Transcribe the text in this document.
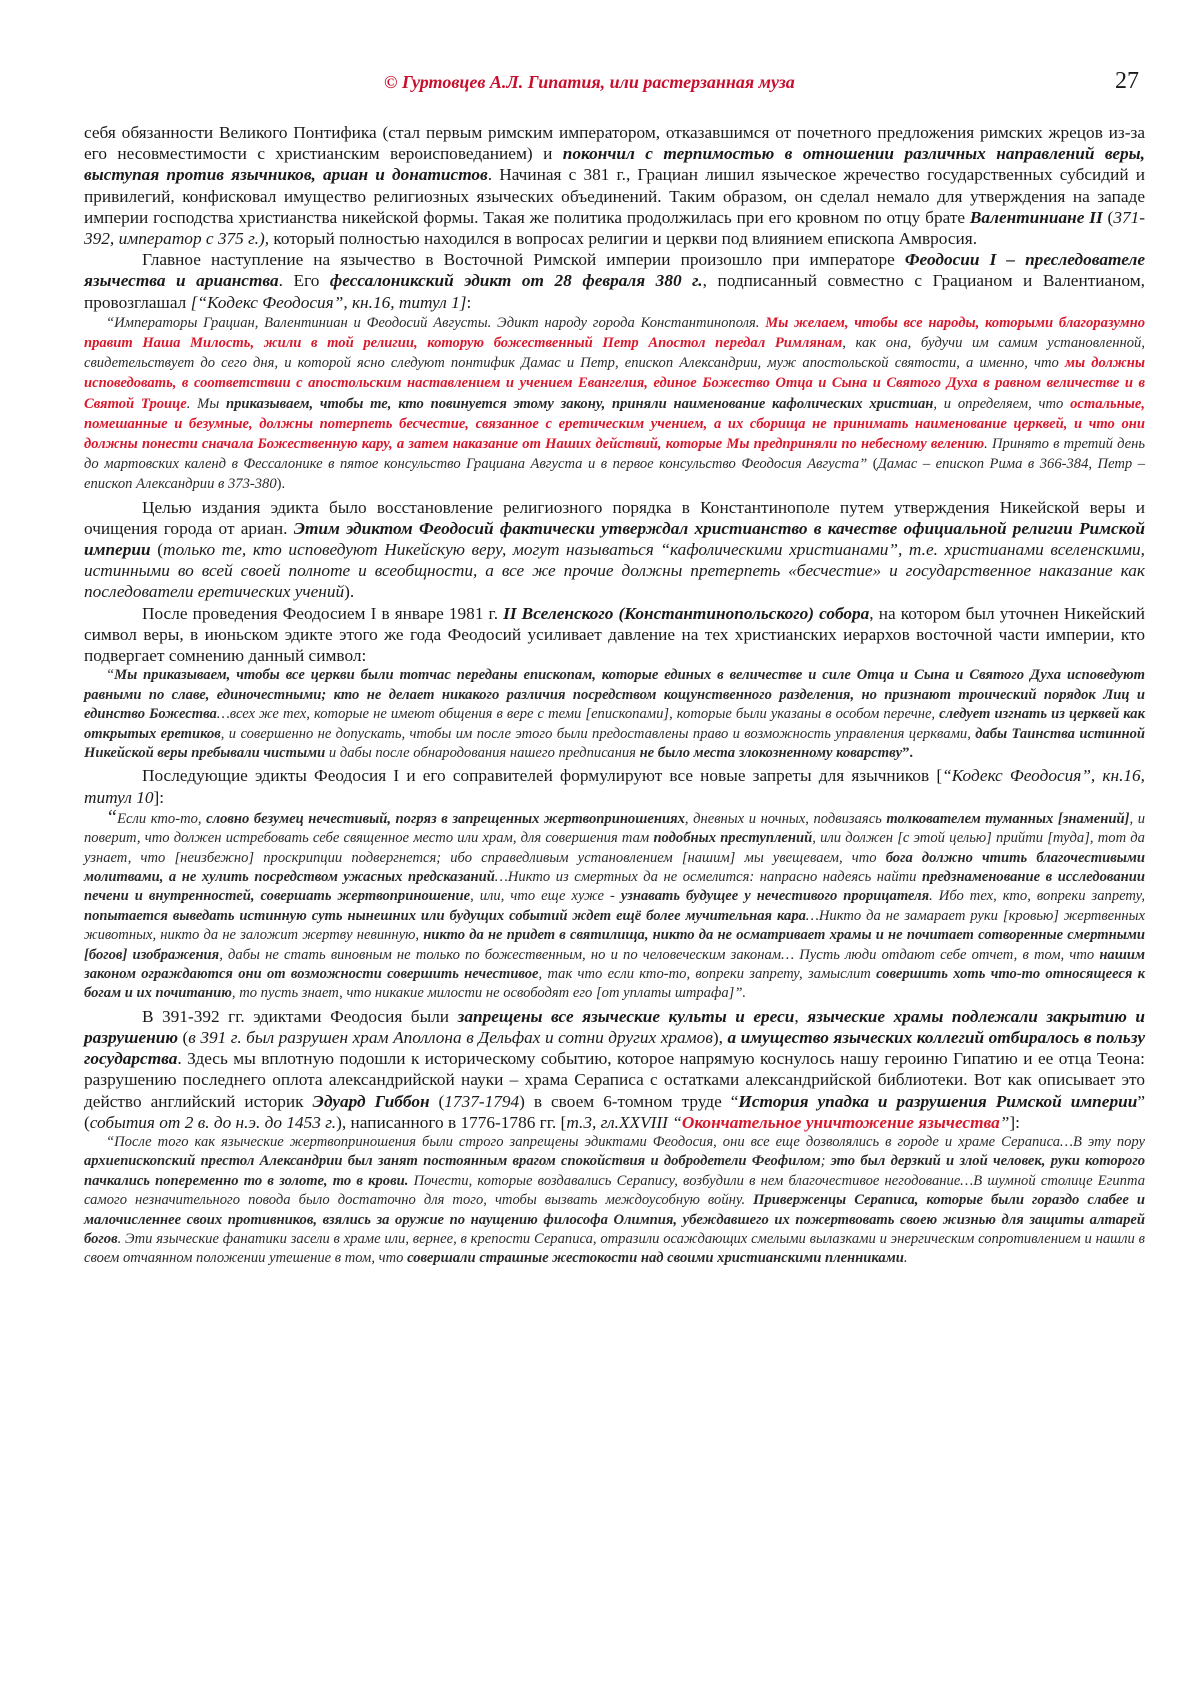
© Гуртовцев А.Л. Гипатия, или растерзанная муза	27

себя обязанности Великого Понтифика (стал первым римским императором, отказавшимся от почетного предложения римских жрецов из-за его несовместимости с христианским вероисповеданием) и покончил с терпимостью в отношении различных направлений веры, выступая против язычников, ариан и донатистов. Начиная с 381 г., Грациан лишил языческое жречество государственных субсидий и привилегий, конфисковал имущество религиозных языческих объединений. Таким образом, он сделал немало для утверждения на западе империи господства христианства никейской формы. Такая же политика продолжилась при его кровном по отцу брате Валентиниане II (371-392, император с 375 г.), который полностью находился в вопросах религии и церкви под влиянием епископа Амвросия.

Главное наступление на язычество в Восточной Римской империи произошло при императоре Феодосии I – преследователе язычества и арианства. Его фессалоникский эдикт от 28 февраля 380 г., подписанный совместно с Грацианом и Валентианом, провозглашал [“Кодекс Феодосия”, кн.16, титул 1]:

“Императоры Грациан, Валентиниан и Феодосий Августы. Эдикт народу города Константинополя. Мы желаем, чтобы все народы, которыми благоразумно правит Наша Милость, жили в той религии, которую божественный Петр Апостол передал Римлянам, как она, будучи им самим установленной, свидетельствует до сего дня, и которой ясно следуют понтифик Дамас и Петр, епископ Александрии, муж апостольской святости, а именно, что мы должны исповедовать, в соответствии с апостольским наставлением и учением Евангелия, единое Божество Отца и Сына и Святого Духа в равном величестве и в Святой Троице. Мы приказываем, чтобы те, кто повинуется этому закону, приняли наименование кафолических христиан, и определяем, что остальные, помешанные и безумные, должны потерпеть бесчестие, связанное с еретическим учением, а их сборища не принимать наименование церквей, и что они должны понести сначала Божественную кару, а затем наказание от Наших действий, которые Мы предприняли по небесному велению. Принято в третий день до мартовских календ в Фессалонике в пятое консульство Грациана Августа и в первое консульство Феодосия Августа” (Дамас – епископ Рима в 366-384, Петр – епископ Александрии в 373-380).

Целью издания эдикта было восстановление религиозного порядка в Константинополе путем утверждения Никейской веры и очищения города от ариан. Этим эдиктом Феодосий фактически утверждал христианство в качестве официальной религии Римской империи (только те, кто исповедуют Никейскую веру, могут называться “кафолическими христианами”, т.е. христианами вселенскими, истинными во всей своей полноте и всеобщности, а все же прочие должны претерпеть «бесчестие» и государственное наказание как последователи еретических учений).

После проведения Феодосием I в январе 1981 г. II Вселенского (Константинопольского) собора, на котором был уточнен Никейский символ веры, в июньском эдикте этого же года Феодосий усиливает давление на тех христианских иерархов восточной части империи, кто подвергает сомнению данный символ:

“Мы приказываем, чтобы все церкви были тотчас переданы епископам, которые единых в величестве и силе Отца и Сына и Святого Духа исповедуют равными по славе, единочестными; кто не делает никакого различия посредством кощунственного разделения, но признают троический порядок Лиц и единство Божества…всех же тех, которые не имеют общения в вере с теми [епископами], которые были указаны в особом перечне, следует изгнать из церквей как открытых еретиков, и совершенно не допускать, чтобы им после этого были предоставлены право и возможность управления церквами, дабы Таинства истинной Никейской веры пребывали чистыми и дабы после обнародования нашего предписания не было места злокозненному коварству”.

Последующие эдикты Феодосия I и его соправителей формулируют все новые запреты для язычников [“Кодекс Феодосия”, кн.16, титул 10]:

“Если кто-то, словно безумец нечестивый, погряз в запрещенных жертвоприношениях, дневных и ночных, подвизаясь толкователем туманных [знамений], и поверит, что должен истребовать себе священное место или храм, для совершения там подобных преступлений, или должен [с этой целью] прийти [туда], тот да узнает, что [неизбежно] проскрипции подвергнется; ибо справедливым установлением [нашим] мы увещеваем, что бога должно чтить благочестивыми молитвами, а не хулить посредством ужасных предсказаний…Никто из смертных да не осмелится: напрасно надеясь найти предзнаменование в исследовании печени и внутренностей, совершать жертвоприношение, или, что еще хуже - узнавать будущее у нечестивого прорицателя. Ибо тех, кто, вопреки запрету, попытается выведать истинную суть нынешних или будущих событий ждет ещё более мучительная кара…Никто да не замарает руки [кровью] жертвенных животных, никто да не заложит жертву невинную, никто да не придет в святилища, никто да не осматривает храмы и не почитает сотворенные смертными [богов] изображения, дабы не стать виновным не только по божественным, но и по человеческим законам… Пусть люди отдают себе отчет, в том, что нашим законом ограждаются они от возможности совершить нечестивое, так что если кто-то, вопреки запрету, замыслит совершить хоть что-то относящееся к богам и их почитанию, то пусть знает, что никакие милости не освободят его [от уплаты штрафа]”.

В 391-392 гг. эдиктами Феодосия были запрещены все языческие культы и ереси, языческие храмы подлежали закрытию и разрушению (в 391 г. был разрушен храм Аполлона в Дельфах и сотни других храмов), а имущество языческих коллегий отбиралось в пользу государства. Здесь мы вплотную подошли к историческому событию, которое напрямую коснулось нашу героиню Гипатию и ее отца Теона: разрушению последнего оплота александрийской науки – храма Сераписа с остатками александрийской библиотеки. Вот как описывает это действо английский историк Эдуард Гиббон (1737-1794) в своем 6-томном труде “История упадка и разрушения Римской империи” (события от 2 в. до н.э. до 1453 г.), написанного в 1776-1786 гг. [т.3, гл.XXVIII “Окончательное уничтожение язычества”]:

“После того как языческие жертвоприношения были строго запрещены эдиктами Феодосия, они все еще дозволялись в городе и храме Сераписа…В эту пору архиепископский престол Александрии был занят постоянным врагом спокойствия и добродетели Феофилом; это был дерзкий и злой человек, руки которого пачкались попеременно то в золоте, то в крови. Почести, которые воздавались Серапису, возбудили в нем благочестивое негодование…В шумной столице Египта самого незначительного повода было достаточно для того, чтобы вызвать междоусобную войну. Приверженцы Сераписа, которые были гораздо слабее и малочисленнее своих противников, взялись за оружие по наущению философа Олимпия, убеждавшего их пожертвовать своею жизнью для защиты алтарей богов. Эти языческие фанатики засели в храме или, вернее, в крепости Сераписа, отразили осаждающих смелыми вылазками и энергическим сопротивлением и нашли в своем отчаянном положении утешение в том, что совершали страшные жестокости над своими христианскими пленниками.
